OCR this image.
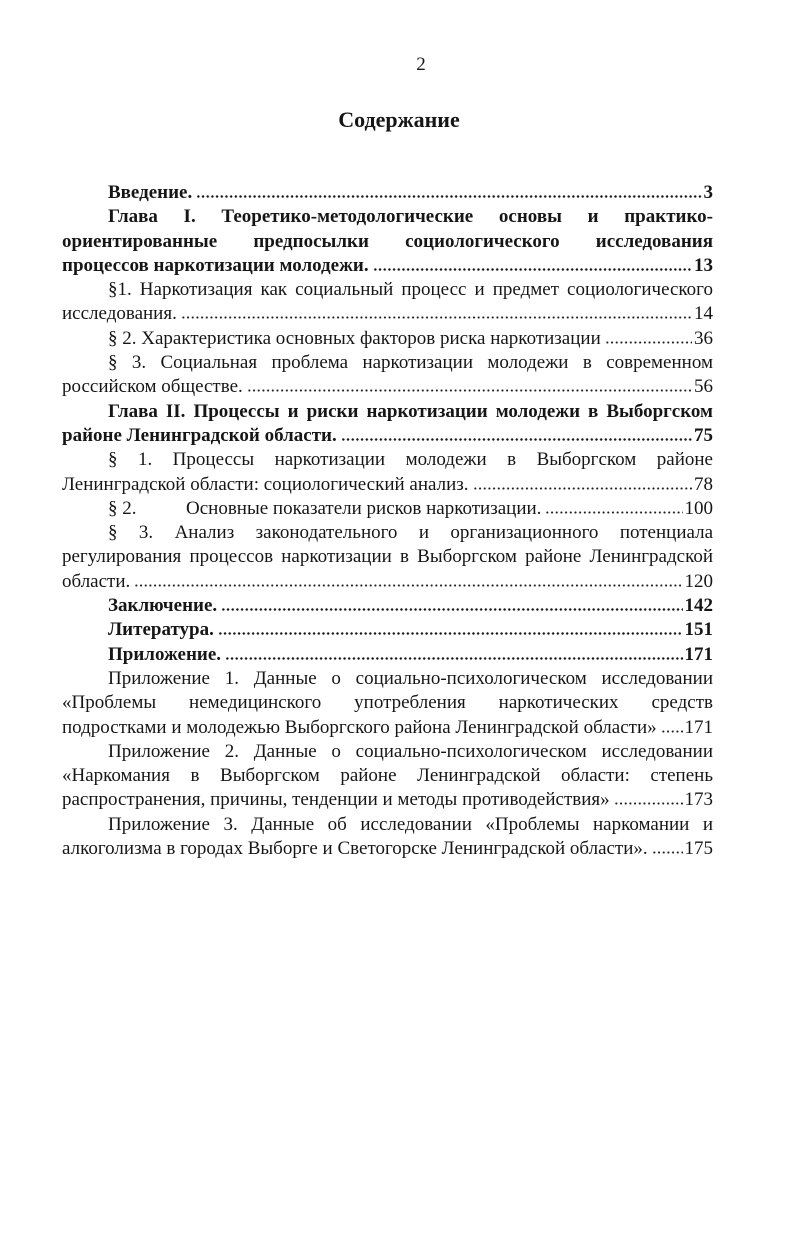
2
Содержание
Введение.	3
Глава I. Теоретико-методологические основы и практико-
ориентированные предпосылки социологического исследования
процессов наркотизации молодежи.	13
§1. Наркотизация как социальный процесс и предмет социологического
исследования.	14
§ 2. Характеристика основных факторов риска наркотизации	36
§ 3. Социальная проблема наркотизации молодежи в современном
российском обществе.	56
Глава II. Процессы и риски наркотизации молодежи в Выборгском
районе Ленинградской области.	75
§ 1. Процессы наркотизации молодежи в Выборгском районе
Ленинградской области: социологический анализ.	78
§ 2.	Основные показатели рисков наркотизации.	100
§ 3. Анализ законодательного и организационного потенциала
регулирования процессов наркотизации в Выборгском районе Ленинградской
области.	120
Заключение.	142
Литература.	151
Приложение.	171
Приложение 1. Данные о социально-психологическом исследовании
«Проблемы немедицинского употребления наркотических средств
подростками и молодежью Выборгского района Ленинградской области» 171
Приложение 2. Данные о социально-психологическом исследовании
«Наркомания в Выборгском районе Ленинградской области: степень
распространения, причины, тенденции и методы противодействия»	173
Приложение 3. Данные об исследовании «Проблемы наркомании и
алкоголизма в городах Выборге и Светогорске Ленинградской области». 175
